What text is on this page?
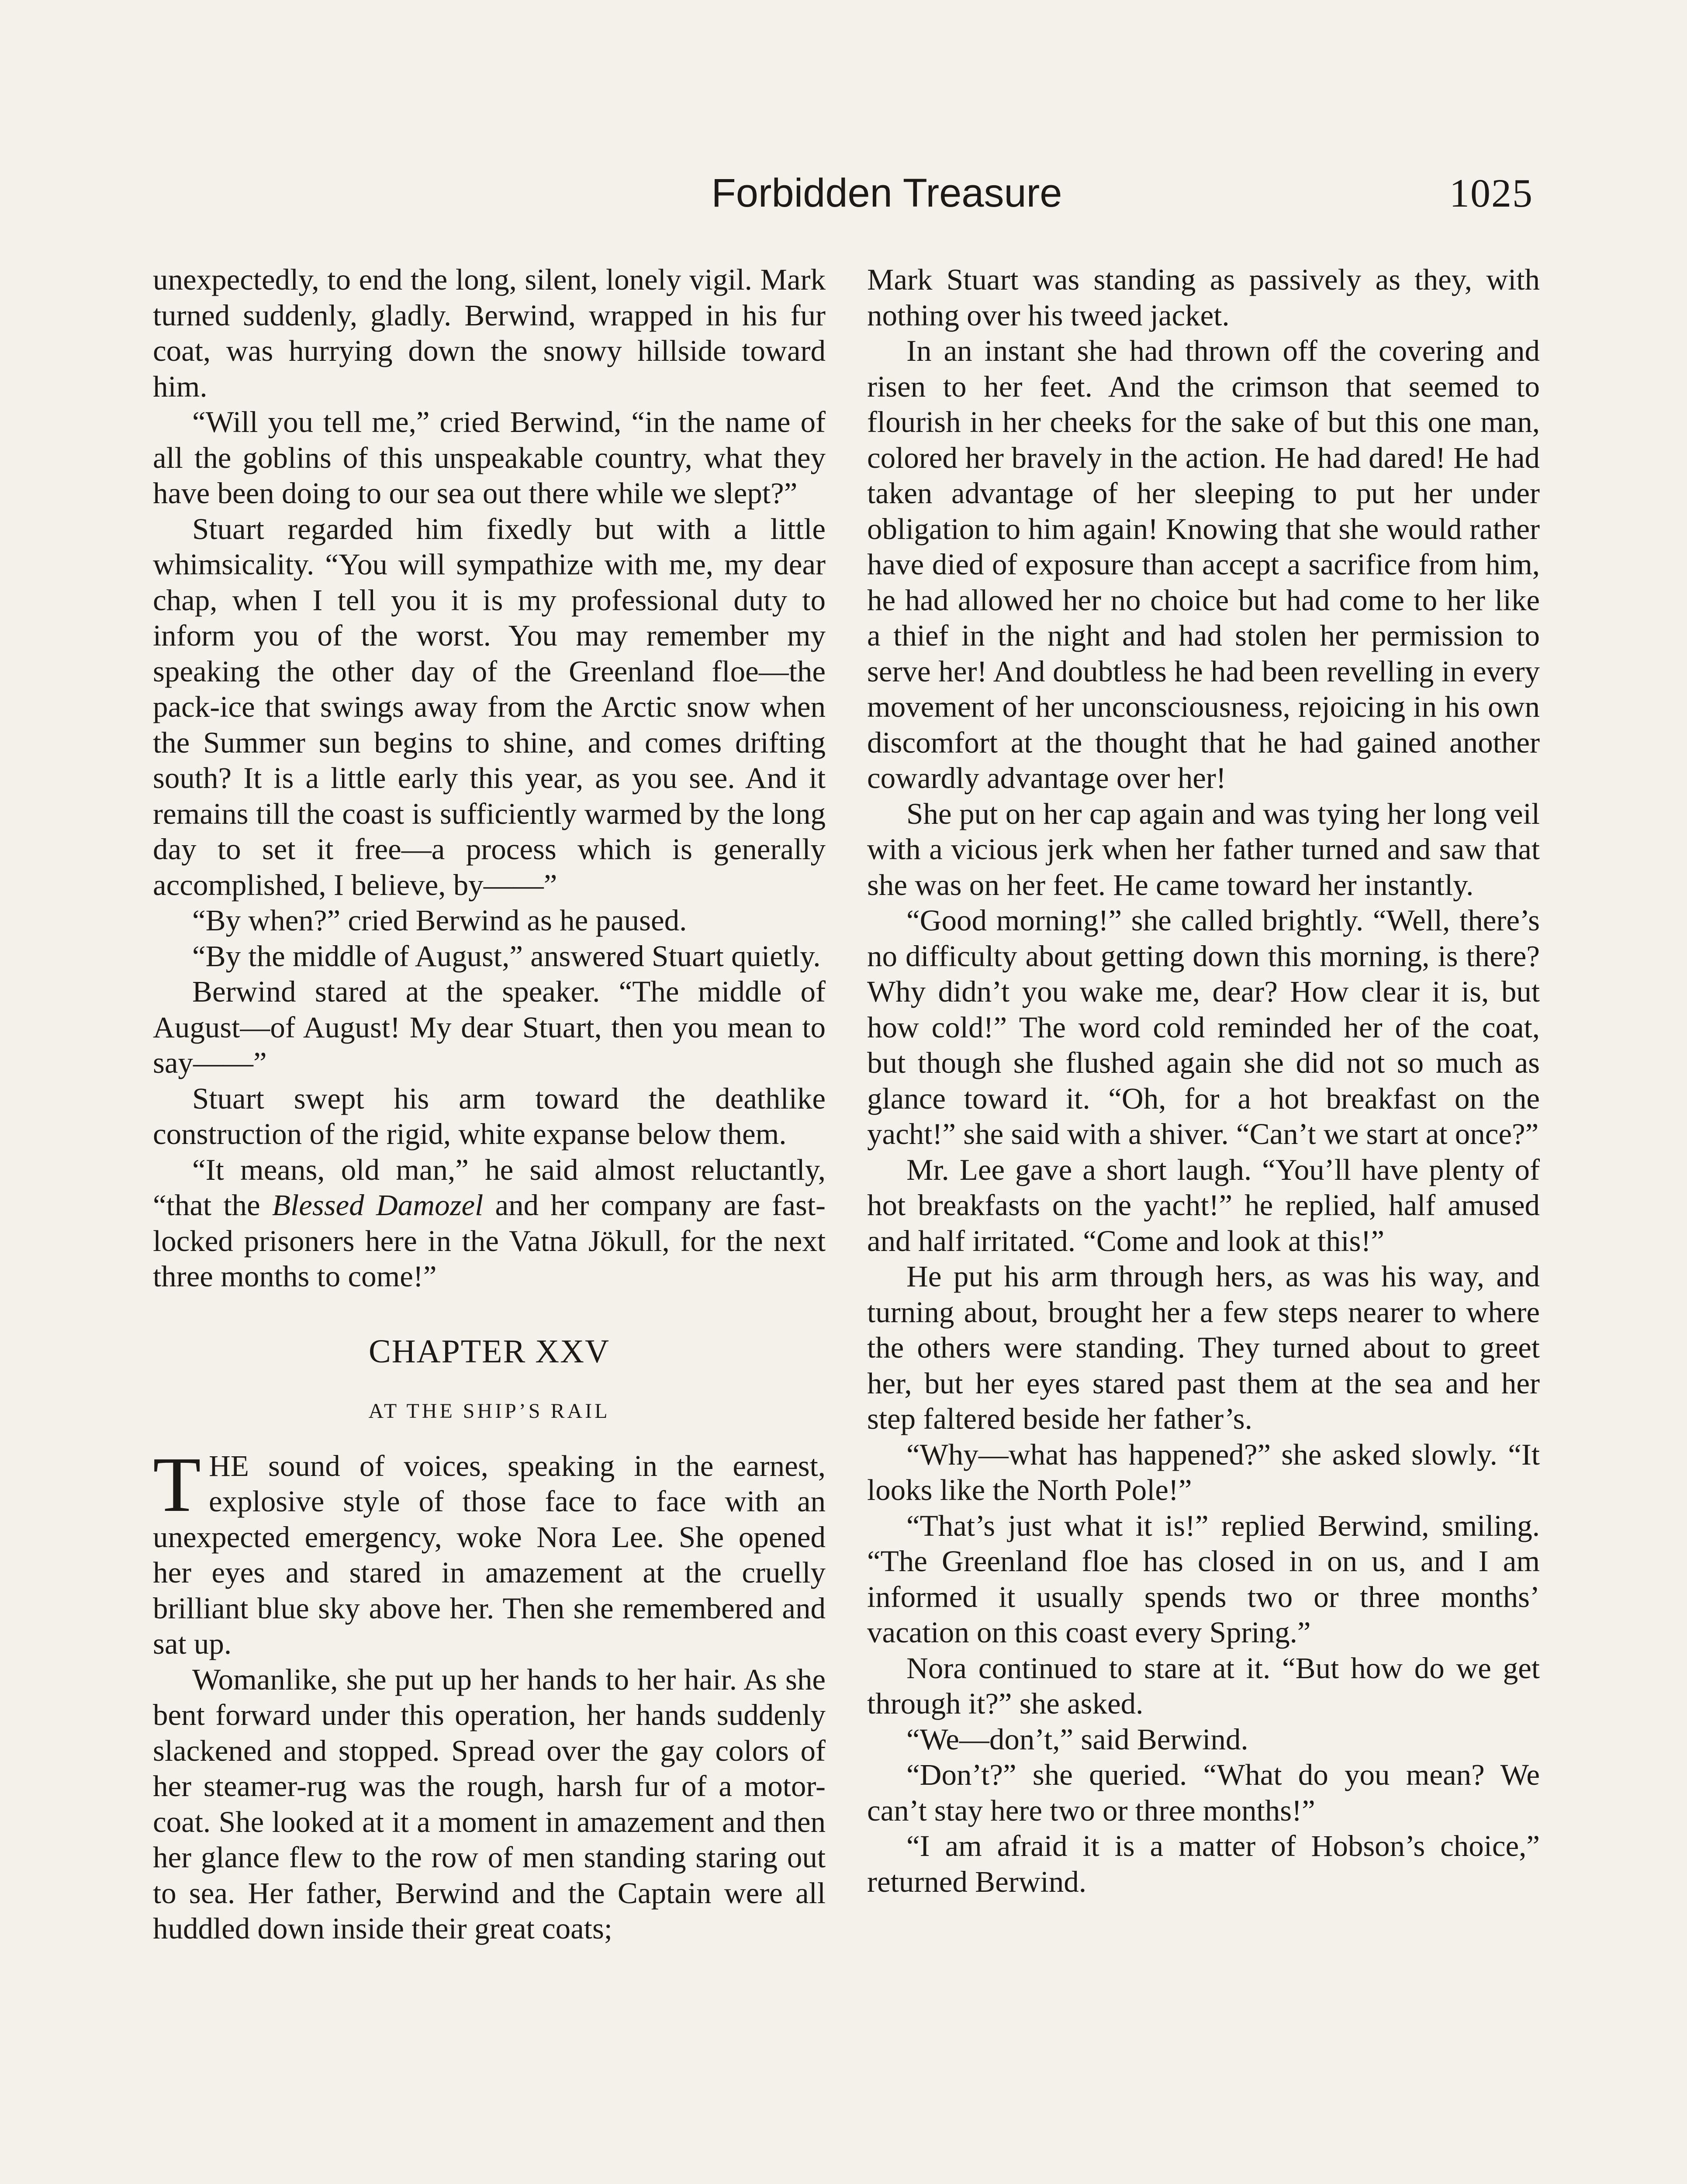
Forbidden Treasure	1025

unexpectedly, to end the long, silent, lonely vigil. Mark turned suddenly, gladly. Berwind, wrapped in his fur coat, was hurrying down the snowy hillside toward him.

“Will you tell me,” cried Berwind, “in the name of all the goblins of this unspeakable country, what they have been doing to our sea out there while we slept?”

Stuart regarded him fixedly but with a little whimsicality. “You will sympathize with me, my dear chap, when I tell you it is my professional duty to inform you of the worst. You may remember my speaking the other day of the Greenland floe—the pack-ice that swings away from the Arctic snow when the Summer sun begins to shine, and comes drifting south? It is a little early this year, as you see. And it remains till the coast is sufficiently warmed by the long day to set it free—a process which is generally accomplished, I believe, by——”

“By when?” cried Berwind as he paused.

“By the middle of August,” answered Stuart quietly.

Berwind stared at the speaker. “The middle of August—of August! My dear Stuart, then you mean to say——”

Stuart swept his arm toward the deathlike construction of the rigid, white expanse below them.

“It means, old man,” he said almost reluctantly, “that the Blessed Damozel and her company are fast-locked prisoners here in the Vatna Jökull, for the next three months to come!”

CHAPTER XXV
AT THE SHIP’S RAIL

THE sound of voices, speaking in the earnest, explosive style of those face to face with an unexpected emergency, woke Nora Lee. She opened her eyes and stared in amazement at the cruelly brilliant blue sky above her. Then she remembered and sat up.

Womanlike, she put up her hands to her hair. As she bent forward under this operation, her hands suddenly slackened and stopped. Spread over the gay colors of her steamer-rug was the rough, harsh fur of a motor-coat. She looked at it a moment in amazement and then her glance flew to the row of men standing staring out to sea. Her father, Berwind and the Captain were all huddled down inside their great coats;

Mark Stuart was standing as passively as they, with nothing over his tweed jacket.

In an instant she had thrown off the covering and risen to her feet. And the crimson that seemed to flourish in her cheeks for the sake of but this one man, colored her bravely in the action. He had dared! He had taken advantage of her sleeping to put her under obligation to him again! Knowing that she would rather have died of exposure than accept a sacrifice from him, he had allowed her no choice but had come to her like a thief in the night and had stolen her permission to serve her! And doubtless he had been revelling in every movement of her unconsciousness, rejoicing in his own discomfort at the thought that he had gained another cowardly advantage over her!

She put on her cap again and was tying her long veil with a vicious jerk when her father turned and saw that she was on her feet. He came toward her instantly.

“Good morning!” she called brightly. “Well, there’s no difficulty about getting down this morning, is there? Why didn’t you wake me, dear? How clear it is, but how cold!” The word cold reminded her of the coat, but though she flushed again she did not so much as glance toward it. “Oh, for a hot breakfast on the yacht!” she said with a shiver. “Can’t we start at once?”

Mr. Lee gave a short laugh. “You’ll have plenty of hot breakfasts on the yacht!” he replied, half amused and half irritated. “Come and look at this!”

He put his arm through hers, as was his way, and turning about, brought her a few steps nearer to where the others were standing. They turned about to greet her, but her eyes stared past them at the sea and her step faltered beside her father’s.

“Why—what has happened?” she asked slowly. “It looks like the North Pole!”

“That’s just what it is!” replied Berwind, smiling. “The Greenland floe has closed in on us, and I am informed it usually spends two or three months’ vacation on this coast every Spring.”

Nora continued to stare at it. “But how do we get through it?” she asked.

“We—don’t,” said Berwind.

“Don’t?” she queried. “What do you mean? We can’t stay here two or three months!”

“I am afraid it is a matter of Hobson’s choice,” returned Berwind.
